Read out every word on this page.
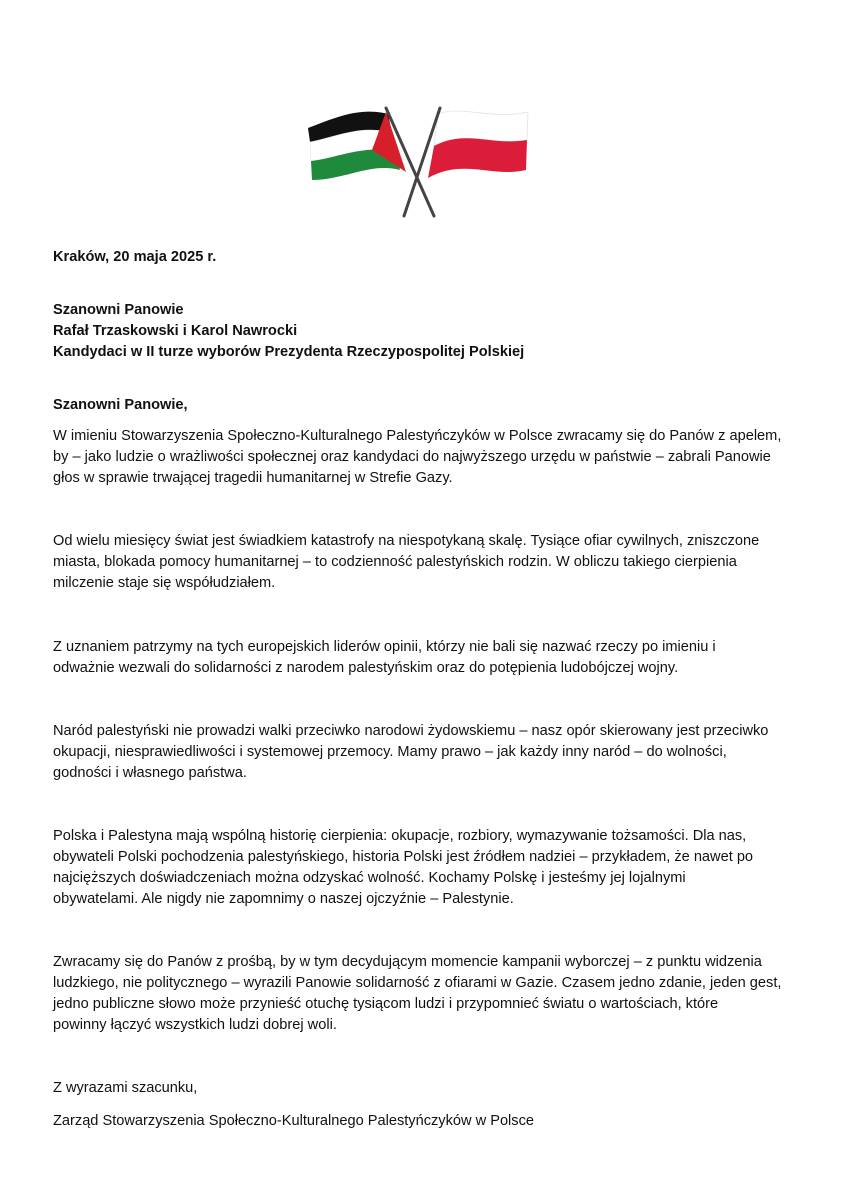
Kraków, 20 maja 2025 r.

Szanowni Panowie
Rafał Trzaskowski i Karol Nawrocki
Kandydaci w II turze wyborów Prezydenta Rzeczypospolitej Polskiej

Szanowni Panowie,

W imieniu Stowarzyszenia Społeczno-Kulturalnego Palestyńczyków w Polsce zwracamy się do Panów z apelem,
by – jako ludzie o wrażliwości społecznej oraz kandydaci do najwyższego urzędu w państwie – zabrali Panowie
głos w sprawie trwającej tragedii humanitarnej w Strefie Gazy.

Od wielu miesięcy świat jest świadkiem katastrofy na niespotykaną skalę. Tysiące ofiar cywilnych, zniszczone
miasta, blokada pomocy humanitarnej – to codzienność palestyńskich rodzin. W obliczu takiego cierpienia
milczenie staje się współudziałem.

Z uznaniem patrzymy na tych europejskich liderów opinii, którzy nie bali się nazwać rzeczy po imieniu i
odważnie wezwali do solidarności z narodem palestyńskim oraz do potępienia ludobójczej wojny.

Naród palestyński nie prowadzi walki przeciwko narodowi żydowskiemu – nasz opór skierowany jest przeciwko
okupacji, niesprawiedliwości i systemowej przemocy. Mamy prawo – jak każdy inny naród – do wolności,
godności i własnego państwa.

Polska i Palestyna mają wspólną historię cierpienia: okupacje, rozbiory, wymazywanie tożsamości. Dla nas,
obywateli Polski pochodzenia palestyńskiego, historia Polski jest źródłem nadziei – przykładem, że nawet po
najcięższych doświadczeniach można odzyskać wolność. Kochamy Polskę i jesteśmy jej lojalnymi
obywatelami. Ale nigdy nie zapomnimy o naszej ojczyźnie – Palestynie.

Zwracamy się do Panów z prośbą, by w tym decydującym momencie kampanii wyborczej – z punktu widzenia
ludzkiego, nie politycznego – wyrazili Panowie solidarność z ofiarami w Gazie. Czasem jedno zdanie, jeden gest,
jedno publiczne słowo może przynieść otuchę tysiącom ludzi i przypomnieć światu o wartościach, które
powinny łączyć wszystkich ludzi dobrej woli.

Z wyrazami szacunku,

Zarząd Stowarzyszenia Społeczno-Kulturalnego Palestyńczyków w Polsce
